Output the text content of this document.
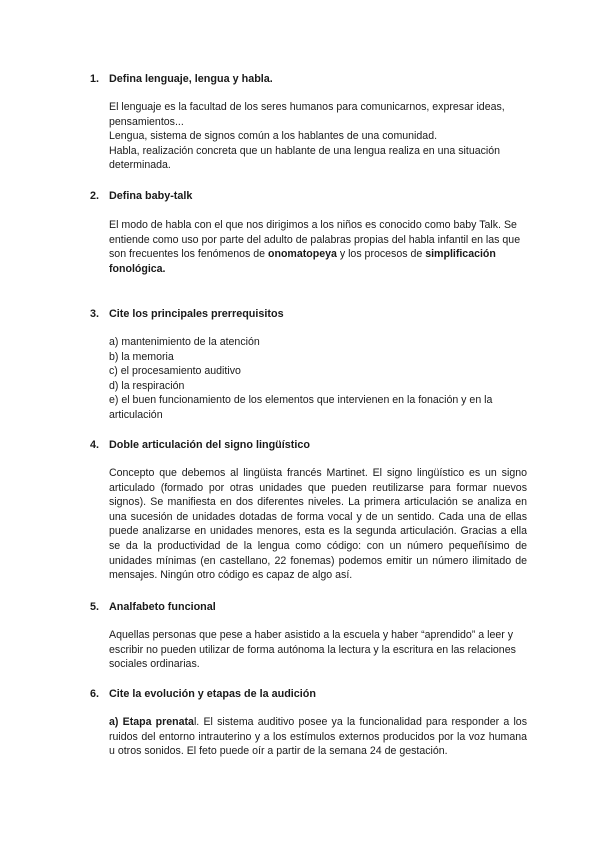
1. Defina lenguaje, lengua y habla.

El lenguaje es la facultad de los seres humanos para comunicarnos, expresar ideas, pensamientos...

Lengua, sistema de signos común a los hablantes de una comunidad.

Habla, realización concreta que un hablante de una lengua realiza en una situación determinada.

2. Defina baby-talk

El modo de habla con el que nos dirigimos a los niños es conocido como baby Talk. Se entiende como uso por parte del adulto de palabras propias del habla infantil en las que son frecuentes los fenómenos de onomatopeya y los procesos de simplificación fonológica.

3. Cite los principales prerrequisitos

a) mantenimiento de la atención

b) la memoria

c) el procesamiento auditivo

d) la respiración

e) el buen funcionamiento de los elementos que intervienen en la fonación y en la articulación

4. Doble articulación del signo lingüístico

Concepto que debemos al lingüista francés Martinet. El signo lingüístico es un signo articulado (formado por otras unidades que pueden reutilizarse para formar nuevos signos). Se manifiesta en dos diferentes niveles. La primera articulación se analiza en una sucesión de unidades dotadas de forma vocal y de un sentido. Cada una de ellas puede analizarse en unidades menores, esta es la segunda articulación. Gracias a ella se da la productividad de la lengua como código: con un número pequeñísimo de unidades mínimas (en castellano, 22 fonemas) podemos emitir un número ilimitado de mensajes. Ningún otro código es capaz de algo así.

5. Analfabeto funcional

Aquellas personas que pese a haber asistido a la escuela y haber “aprendido” a leer y escribir no pueden utilizar de forma autónoma la lectura y la escritura en las relaciones sociales ordinarias.

6. Cite la evolución y etapas de la audición

a) Etapa prenatal. El sistema auditivo posee ya la funcionalidad para responder a los ruidos del entorno intrauterino y a los estímulos externos producidos por la voz humana u otros sonidos. El feto puede oír a partir de la semana 24 de gestación.
